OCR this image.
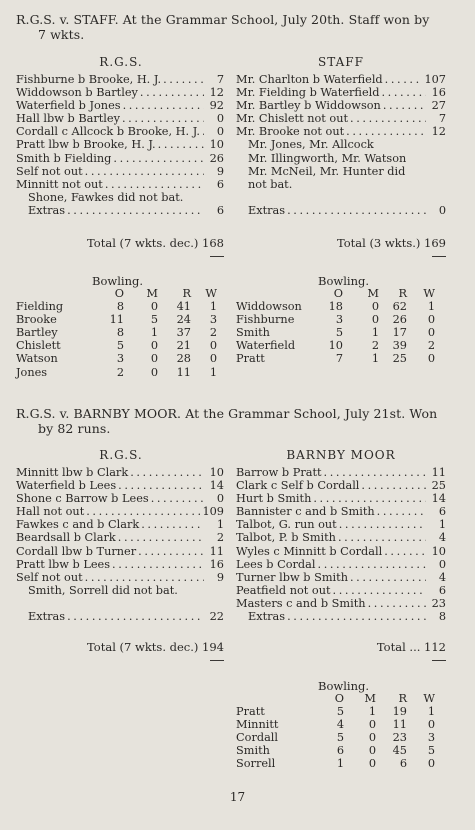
R.G.S. v. STAFF. At the Grammar School, July 20th. Staff won by
7 wkts.
R.G.S.	STAFF
Fishburne b Brooke, H. J. . . .	7
Widdowson b Bartley . . .	12
Waterfield b Jones . . .	92
Hall lbw b Bartley . . .	0
Cordall c Allcock b Brooke, H. J. . . .	0
Pratt lbw b Brooke, H. J. . . .	10
Smith b Fielding . . .	26
Self not out . . .	9
Minnitt not out . . .	6
Shone, Fawkes did not bat.
Extras . . .	6
Total (7 wkts. dec.) 168
Mr. Charlton b Waterfield . . .	107
Mr. Fielding b Waterfield . . .	16
Mr. Bartley b Widdowson . . .	27
Mr. Chislett not out . . .	7
Mr. Brooke not out . . .	12
Mr. Jones, Mr. Allcock
Mr. Illingworth, Mr. Watson
Mr. McNeil, Mr. Hunter did
not bat.

Extras . . .	0
Total (3 wkts.) 169
Bowling.
	O	M	R	W
Fielding	8	0	41	1
Brooke	11	5	24	3
Bartley	8	1	37	2
Chislett	5	0	21	0
Watson	3	0	28	0
Jones	2	0	11	1
Bowling.
	O	M	R	W
Widdowson	18	0	62	1
Fishburne	3	0	26	0
Smith	5	1	17	0
Waterfield	10	2	39	2
Pratt	7	1	25	0
R.G.S. v. BARNBY MOOR. At the Grammar School, July 21st. Won
by 82 runs.
R.G.S.	BARNBY MOOR
Minnitt lbw b Clark . . .	10
Waterfield b Lees . . .	14
Shone c Barrow b Lees . . .	0
Hall not out . . .	109
Fawkes c and b Clark . . .	1
Beardsall b Clark . . .	2
Cordall lbw b Turner . . .	11
Pratt lbw b Lees . . .	16
Self not out . . .	9
Smith, Sorrell did not bat.

Extras . . .	22
Total (7 wkts. dec.) 194
Barrow b Pratt . . .	11
Clark c Self b Cordall . . .	25
Hurt b Smith . . .	14
Bannister c and b Smith . . .	6
Talbot, G. run out . . .	1
Talbot, P. b Smith . . .	4
Wyles c Minnitt b Cordall . . .	10
Lees b Cordal . . .	0
Turner lbw b Smith . . .	4
Peatfield not out . . .	6
Masters c and b Smith . . .	23
Extras . . .	8
Total ... 112
Bowling.
	O	M	R	W
Pratt	5	1	19	1
Minnitt	4	0	11	0
Cordall	5	0	23	3
Smith	6	0	45	5
Sorrell	1	0	6	0
17
